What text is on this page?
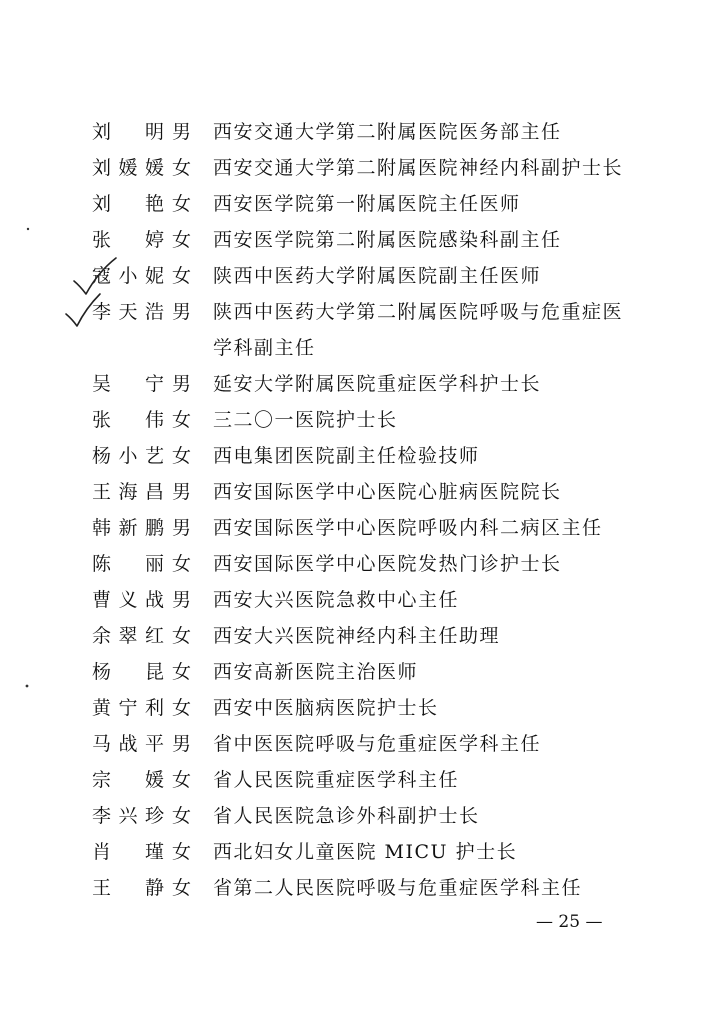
刘 明 男 西安交通大学第二附属医院医务部主任
刘媛媛 女 西安交通大学第二附属医院神经内科副护士长
刘 艳 女 西安医学院第一附属医院主任医师
张 婷 女 西安医学院第二附属医院感染科副主任
寇小妮 女 陕西中医药大学附属医院副主任医师
李天浩 男 陕西中医药大学第二附属医院呼吸与危重症医
学科副主任
吴 宁 男 延安大学附属医院重症医学科护士长
张 伟 女 三二〇一医院护士长
杨小艺 女 西电集团医院副主任检验技师
王海昌 男 西安国际医学中心医院心脏病医院院长
韩新鹏 男 西安国际医学中心医院呼吸内科二病区主任
陈 丽 女 西安国际医学中心医院发热门诊护士长
曹义战 男 西安大兴医院急救中心主任
余翠红 女 西安大兴医院神经内科主任助理
杨 昆 女 西安高新医院主治医师
黄宁利 女 西安中医脑病医院护士长
马战平 男 省中医医院呼吸与危重症医学科主任
宗 媛 女 省人民医院重症医学科主任
李兴珍 女 省人民医院急诊外科副护士长
肖 瑾 女 西北妇女儿童医院 MICU 护士长
王 静 女 省第二人民医院呼吸与危重症医学科主任
— 25 —
